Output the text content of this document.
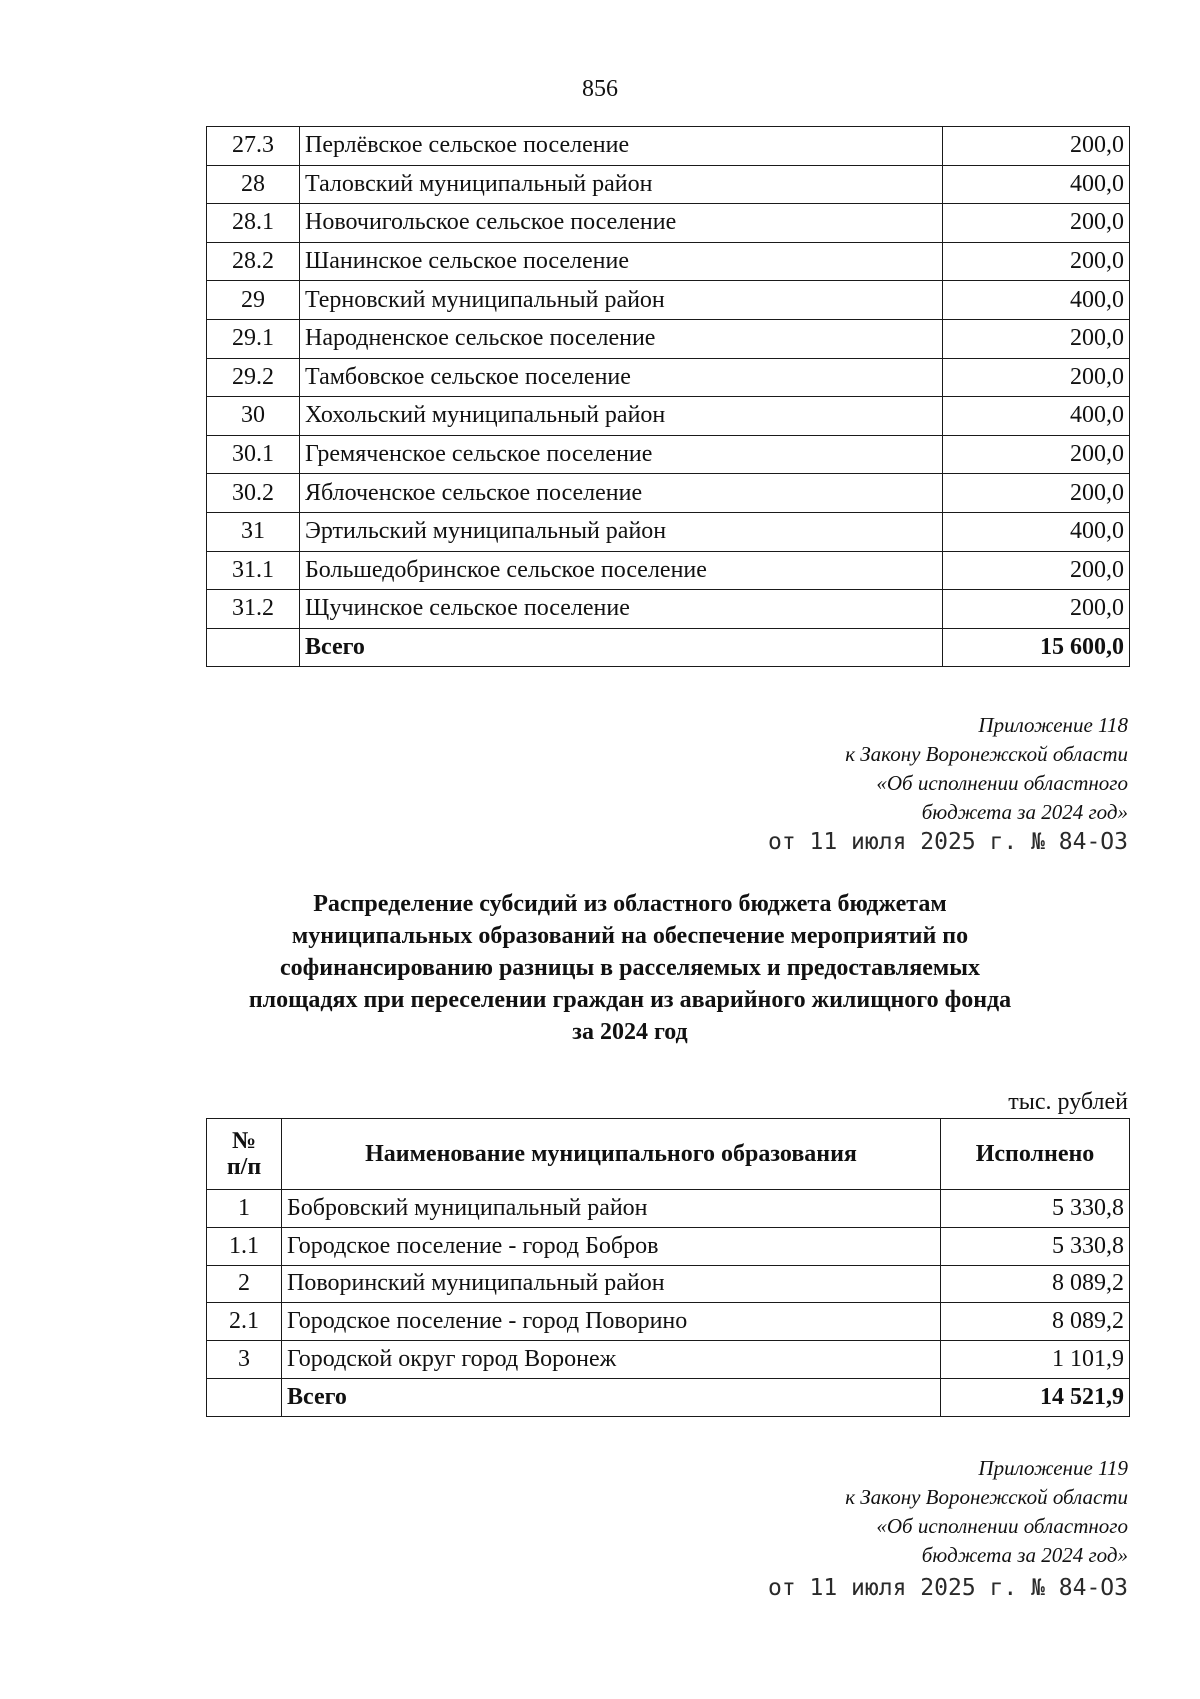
856
27.3	Перлёвское сельское поселение	200,0
28	Таловский муниципальный район	400,0
28.1	Новочигольское сельское поселение	200,0
28.2	Шанинское сельское поселение	200,0
29	Терновский муниципальный район	400,0
29.1	Народненское сельское поселение	200,0
29.2	Тамбовское сельское поселение	200,0
30	Хохольский муниципальный район	400,0
30.1	Гремяченское сельское поселение	200,0
30.2	Яблоченское сельское поселение	200,0
31	Эртильский муниципальный район	400,0
31.1	Большедобринское сельское поселение	200,0
31.2	Щучинское сельское поселение	200,0
	Всего	15 600,0
Приложение 118
к Закону Воронежской области
«Об исполнении областного
бюджета за 2024 год»
от 11 июля 2025 г. № 84-ОЗ
Распределение субсидий из областного бюджета бюджетам
муниципальных образований на обеспечение мероприятий по
софинансированию разницы в расселяемых и предоставляемых
площадях при переселении граждан из аварийного жилищного фонда
за 2024 год
тыс. рублей
№
п/п	Наименование муниципального образования	Исполнено
1	Бобровский муниципальный район	5 330,8
1.1	Городское поселение - город Бобров	5 330,8
2	Поворинский муниципальный район	8 089,2
2.1	Городское поселение - город Поворино	8 089,2
3	Городской округ город Воронеж	1 101,9
	Всего	14 521,9
Приложение 119
к Закону Воронежской области
«Об исполнении областного
бюджета за 2024 год»
от 11 июля 2025 г. № 84-ОЗ
